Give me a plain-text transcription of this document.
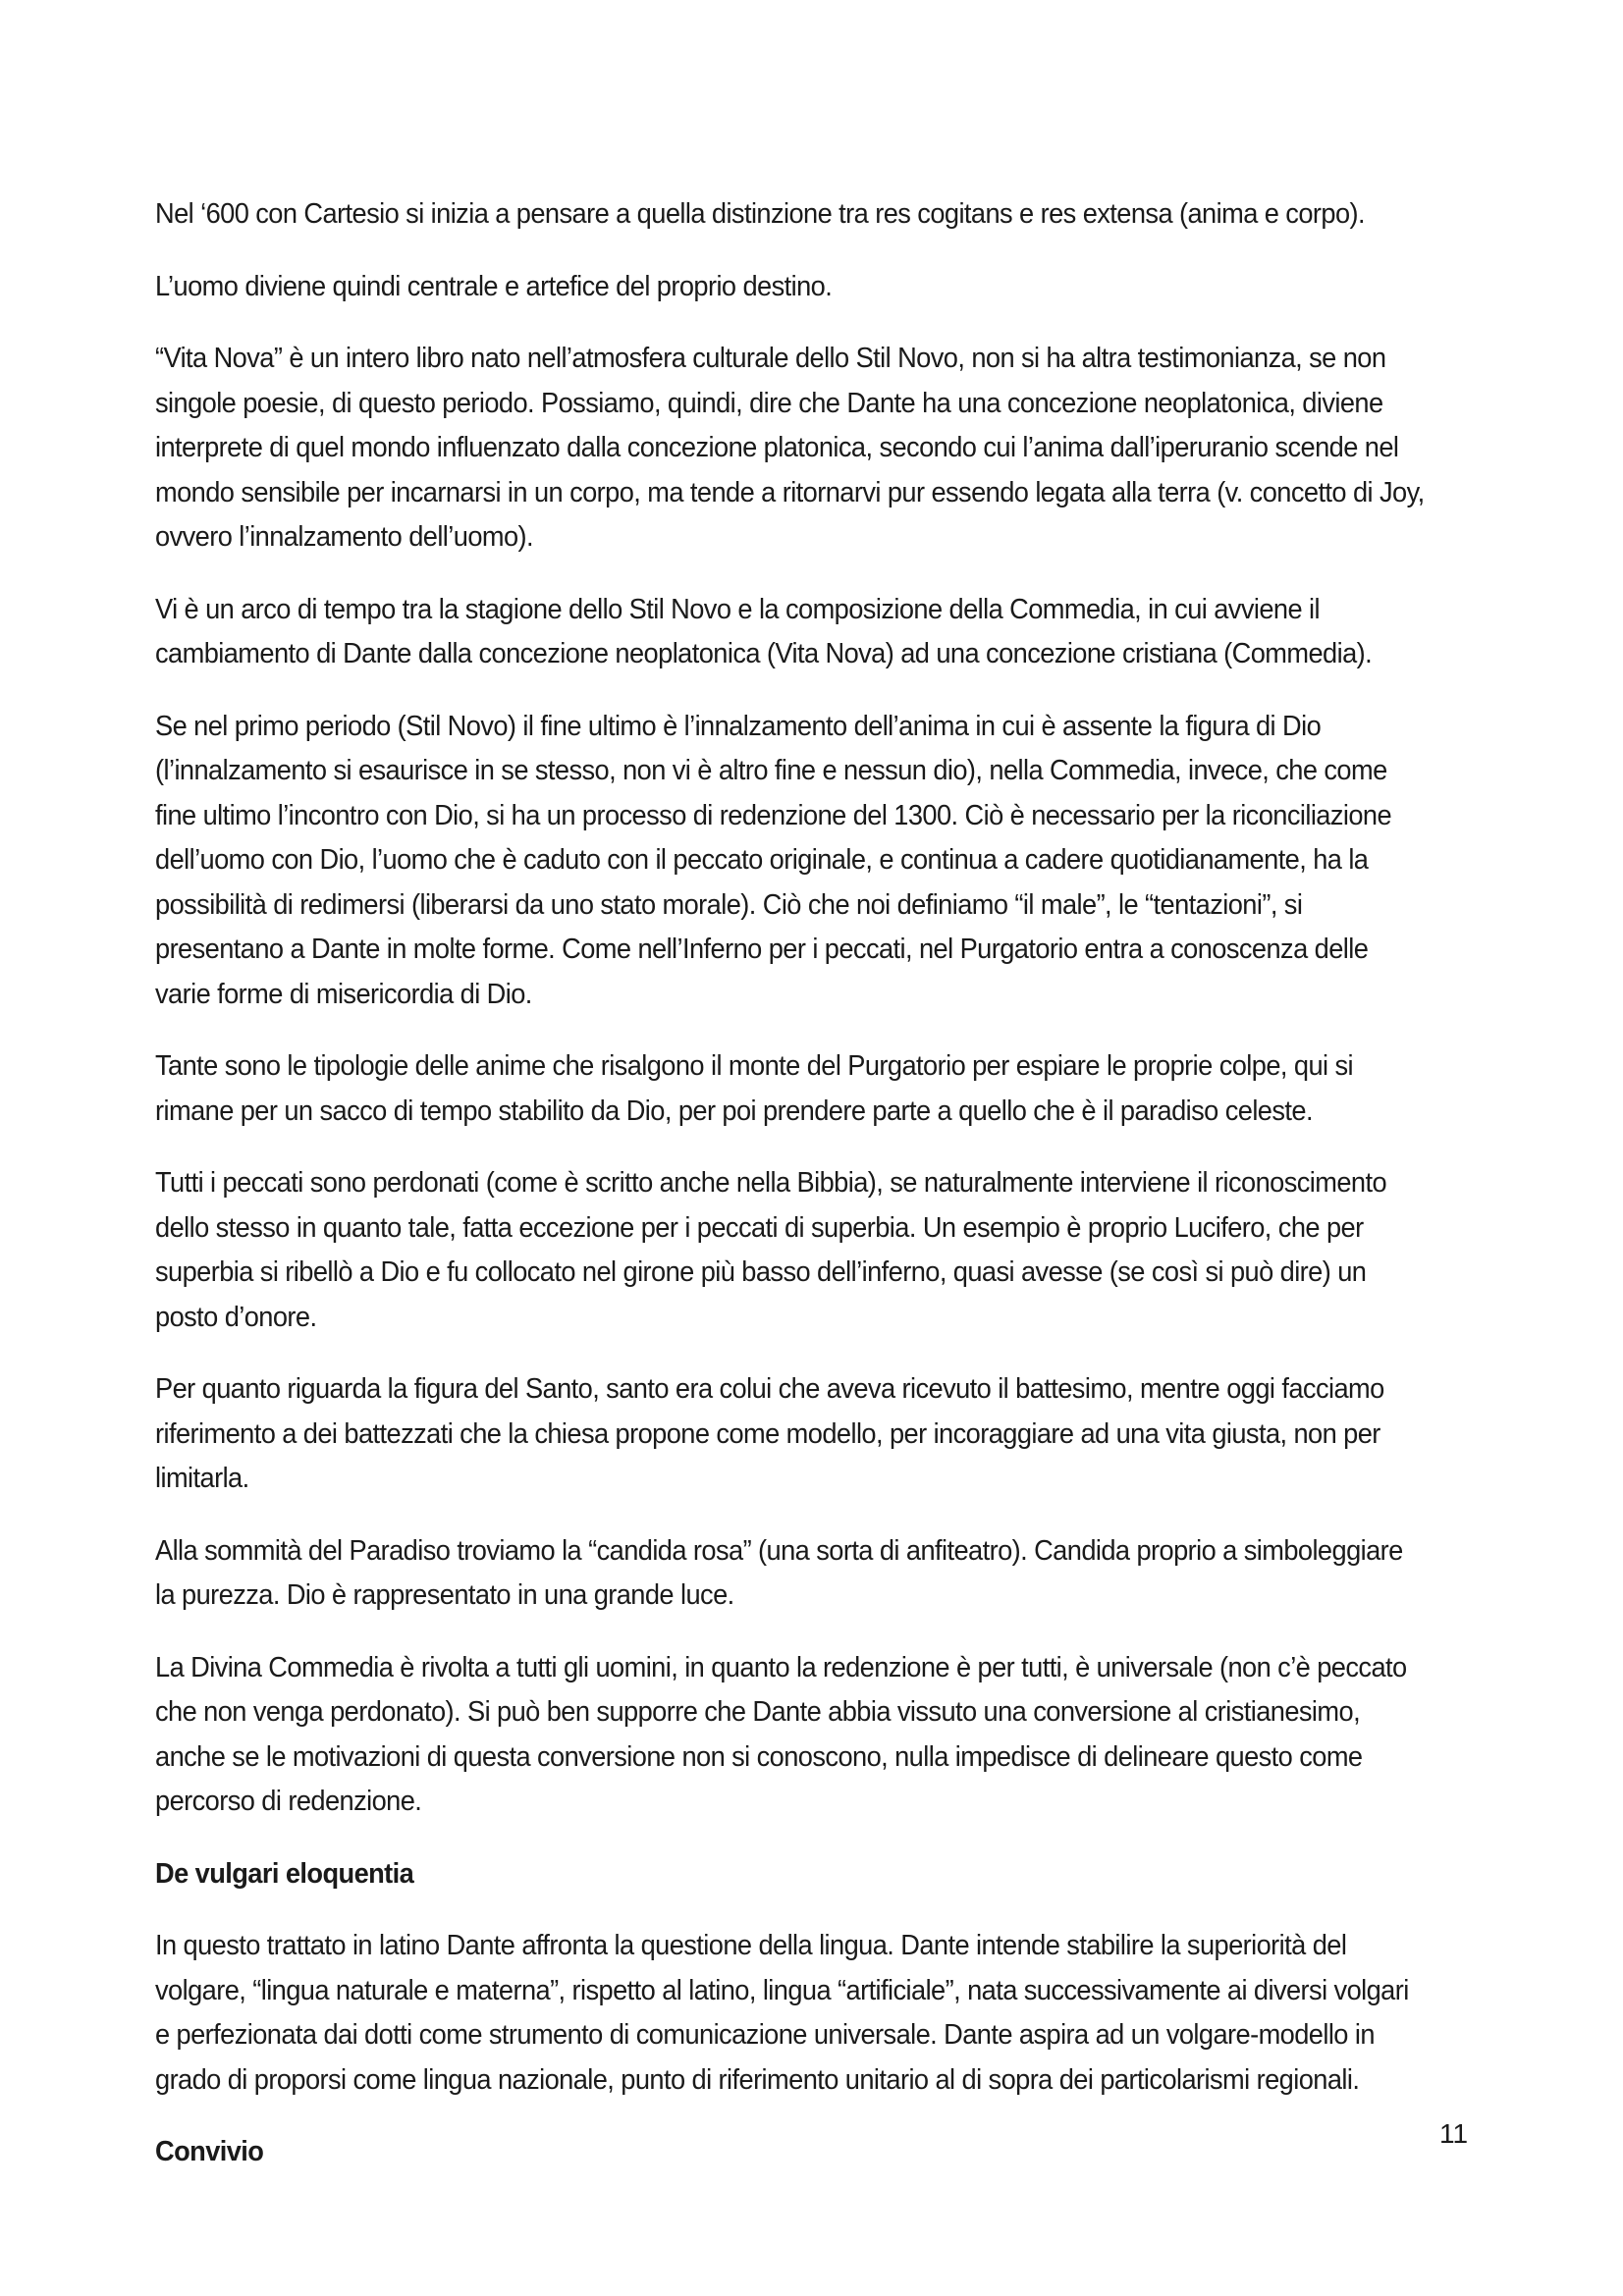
Nel ‘600 con Cartesio si inizia a pensare a quella distinzione tra res cogitans e res extensa (anima e corpo).

L’uomo diviene quindi centrale e artefice del proprio destino.

“Vita Nova” è un intero libro nato nell’atmosfera culturale dello Stil Novo, non si ha altra testimonianza, se non singole poesie, di questo periodo. Possiamo, quindi, dire che Dante ha una concezione neoplatonica, diviene interprete di quel mondo influenzato dalla concezione platonica, secondo cui l’anima dall’iperuranio scende nel mondo sensibile per incarnarsi in un corpo, ma tende a ritornarvi pur essendo legata alla terra (v. concetto di Joy, ovvero l’innalzamento dell’uomo).

Vi è un arco di tempo tra la stagione dello Stil Novo e la composizione della Commedia, in cui avviene il cambiamento di Dante dalla concezione neoplatonica (Vita Nova) ad una concezione cristiana (Commedia).

Se nel primo periodo (Stil Novo) il fine ultimo è l’innalzamento dell’anima in cui è assente la figura di Dio (l’innalzamento si esaurisce in se stesso, non vi è altro fine e nessun dio), nella Commedia, invece, che come fine ultimo l’incontro con Dio, si ha un processo di redenzione del 1300. Ciò è necessario per la riconciliazione dell’uomo con Dio, l’uomo che è caduto con il peccato originale, e continua a cadere quotidianamente, ha la possibilità di redimersi (liberarsi da uno stato morale). Ciò che noi definiamo “il male”, le “tentazioni”, si presentano a Dante in molte forme. Come nell’Inferno per i peccati, nel Purgatorio entra a conoscenza delle varie forme di misericordia di Dio.

Tante sono le tipologie delle anime che risalgono il monte del Purgatorio per espiare le proprie colpe, qui si rimane per un sacco di tempo stabilito da Dio, per poi prendere parte a quello che è il paradiso celeste.

Tutti i peccati sono perdonati (come è scritto anche nella Bibbia), se naturalmente interviene il riconoscimento dello stesso in quanto tale, fatta eccezione per i peccati di superbia. Un esempio è proprio Lucifero, che per superbia si ribellò a Dio e fu collocato nel girone più basso dell’inferno, quasi avesse (se così si può dire) un posto d’onore.

Per quanto riguarda la figura del Santo, santo era colui che aveva ricevuto il battesimo, mentre oggi facciamo riferimento a dei battezzati che la chiesa propone come modello, per incoraggiare ad una vita giusta, non per limitarla.

Alla sommità del Paradiso troviamo la “candida rosa” (una sorta di anfiteatro). Candida proprio a simboleggiare la purezza. Dio è rappresentato in una grande luce.

La Divina Commedia è rivolta a tutti gli uomini, in quanto la redenzione è per tutti, è universale (non c’è peccato che non venga perdonato). Si può ben supporre che Dante abbia vissuto una conversione al cristianesimo, anche se le motivazioni di questa conversione non si conoscono, nulla impedisce di delineare questo come percorso di redenzione.

De vulgari eloquentia

In questo trattato in latino Dante affronta la questione della lingua. Dante intende stabilire la superiorità del volgare, “lingua naturale e materna”, rispetto al latino, lingua “artificiale”, nata successivamente ai diversi volgari e perfezionata dai dotti come strumento di comunicazione universale. Dante aspira ad un volgare-modello in grado di proporsi come lingua nazionale, punto di riferimento unitario al di sopra dei particolarismi regionali.

Convivio
11
